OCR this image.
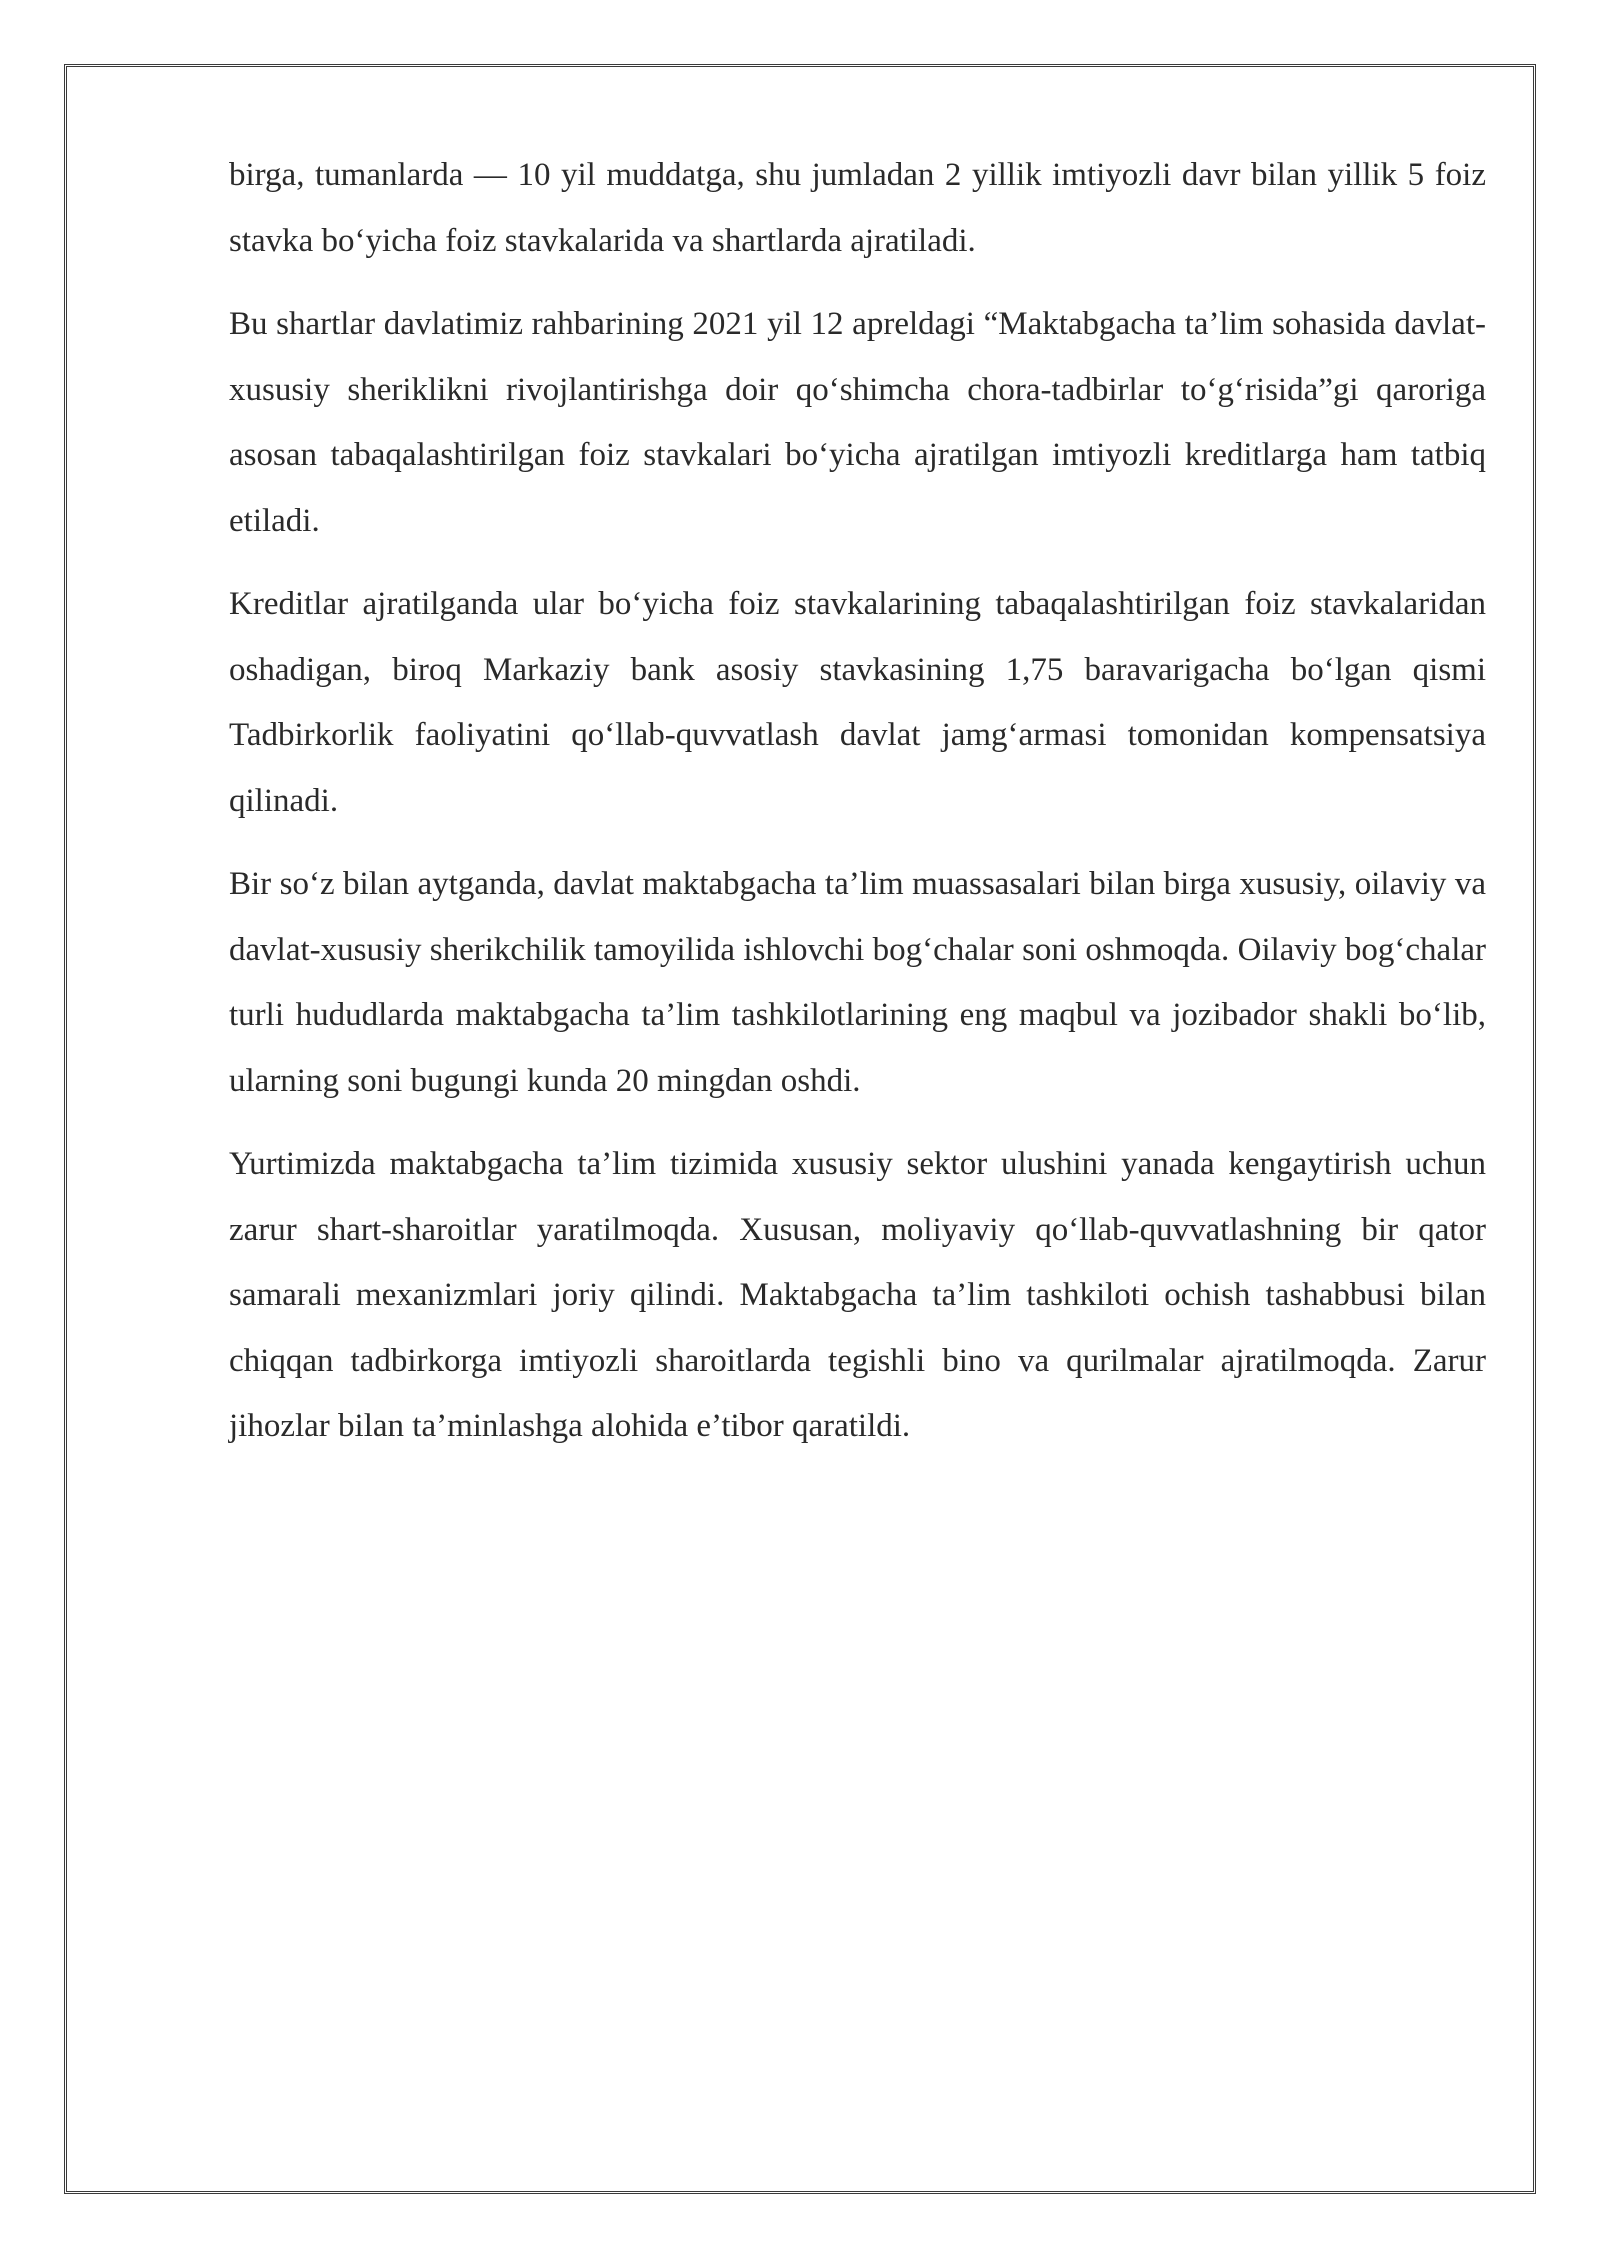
birga, tumanlarda — 10 yil muddatga, shu jumladan 2 yillik imtiyozli davr bilan yillik 5 foiz stavka bo‘yicha foiz stavkalarida va shartlarda ajratiladi.

Bu shartlar davlatimiz rahbarining 2021 yil 12 apreldagi “Maktabgacha ta’lim sohasida davlat-xususiy sheriklikni rivojlantirishga doir qo‘shimcha chora-tadbirlar to‘g‘risida”gi qaroriga asosan tabaqalashtirilgan foiz stavkalari bo‘yicha ajratilgan imtiyozli kreditlarga ham tatbiq etiladi.

Kreditlar ajratilganda ular bo‘yicha foiz stavkalarining tabaqalashtirilgan foiz stavkalaridan oshadigan, biroq Markaziy bank asosiy stavkasining 1,75 baravarigacha bo‘lgan qismi Tadbirkorlik faoliyatini qo‘llab-quvvatlash davlat jamg‘armasi tomonidan kompensatsiya qilinadi.

Bir so‘z bilan aytganda, davlat maktabgacha ta’lim muassasalari bilan birga xususiy, oilaviy va davlat-xususiy sherikchilik tamoyilida ishlovchi bog‘chalar soni oshmoqda. Oilaviy bog‘chalar turli hududlarda maktabgacha ta’lim tashkilotlarining eng maqbul va jozibador shakli bo‘lib, ularning soni bugungi kunda 20 mingdan oshdi.

Yurtimizda maktabgacha ta’lim tizimida xususiy sektor ulushini yanada kengaytirish uchun zarur shart-sharoitlar yaratilmoqda. Xususan, moliyaviy qo‘llab-quvvatlashning bir qator samarali mexanizmlari joriy qilindi. Maktabgacha ta’lim tashkiloti ochish tashabbusi bilan chiqqan tadbirkorga imtiyozli sharoitlarda tegishli bino va qurilmalar ajratilmoqda. Zarur jihozlar bilan ta’minlashga alohida e’tibor qaratildi.
